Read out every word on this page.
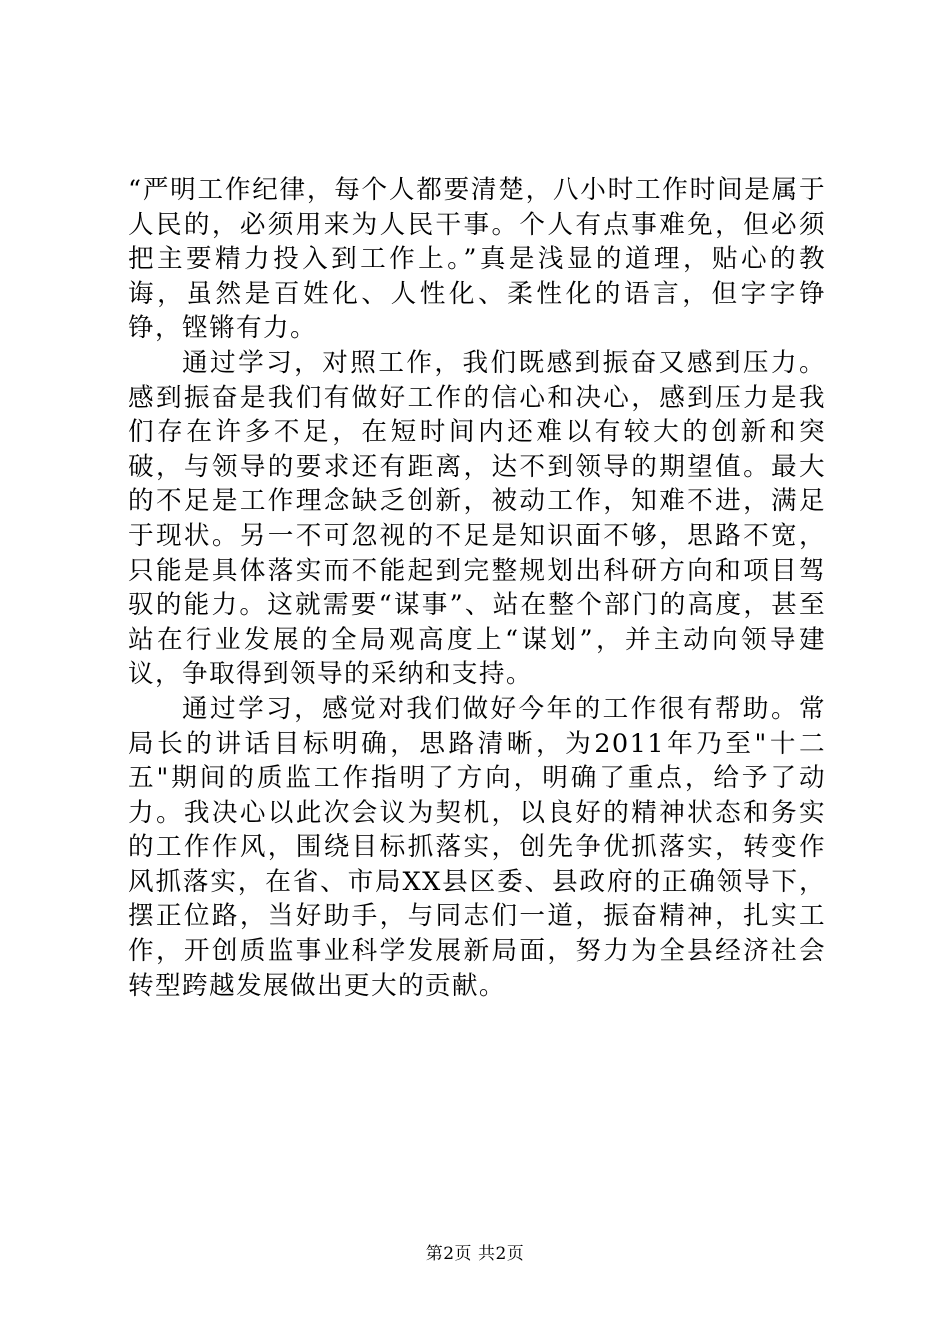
“严明工作纪律，每个人都要清楚，八小时工作时间是属于人民的，必须用来为人民干事。个人有点事难免，但必须把主要精力投入到工作上。”真是浅显的道理，贴心的教诲，虽然是百姓化、人性化、柔性化的语言，但字字铮铮，铿锵有力。

通过学习，对照工作，我们既感到振奋又感到压力。感到振奋是我们有做好工作的信心和决心，感到压力是我们存在许多不足，在短时间内还难以有较大的创新和突破，与领导的要求还有距离，达不到领导的期望值。最大的不足是工作理念缺乏创新，被动工作，知难不进，满足于现状。另一不可忽视的不足是知识面不够，思路不宽，只能是具体落实而不能起到完整规划出科研方向和项目驾驭的能力。这就需要“谋事”、站在整个部门的高度，甚至站在行业发展的全局观高度上“谋划”，并主动向领导建议，争取得到领导的采纳和支持。

通过学习，感觉对我们做好今年的工作很有帮助。常局长的讲话目标明确，思路清晰，为2011年乃至"十二五"期间的质监工作指明了方向，明确了重点，给予了动力。我决心以此次会议为契机，以良好的精神状态和务实的工作作风，围绕目标抓落实，创先争优抓落实，转变作风抓落实，在省、市局XX县区委、县政府的正确领导下，摆正位路，当好助手，与同志们一道，振奋精神，扎实工作，开创质监事业科学发展新局面，努力为全县经济社会转型跨越发展做出更大的贡献。

第2页 共2页
